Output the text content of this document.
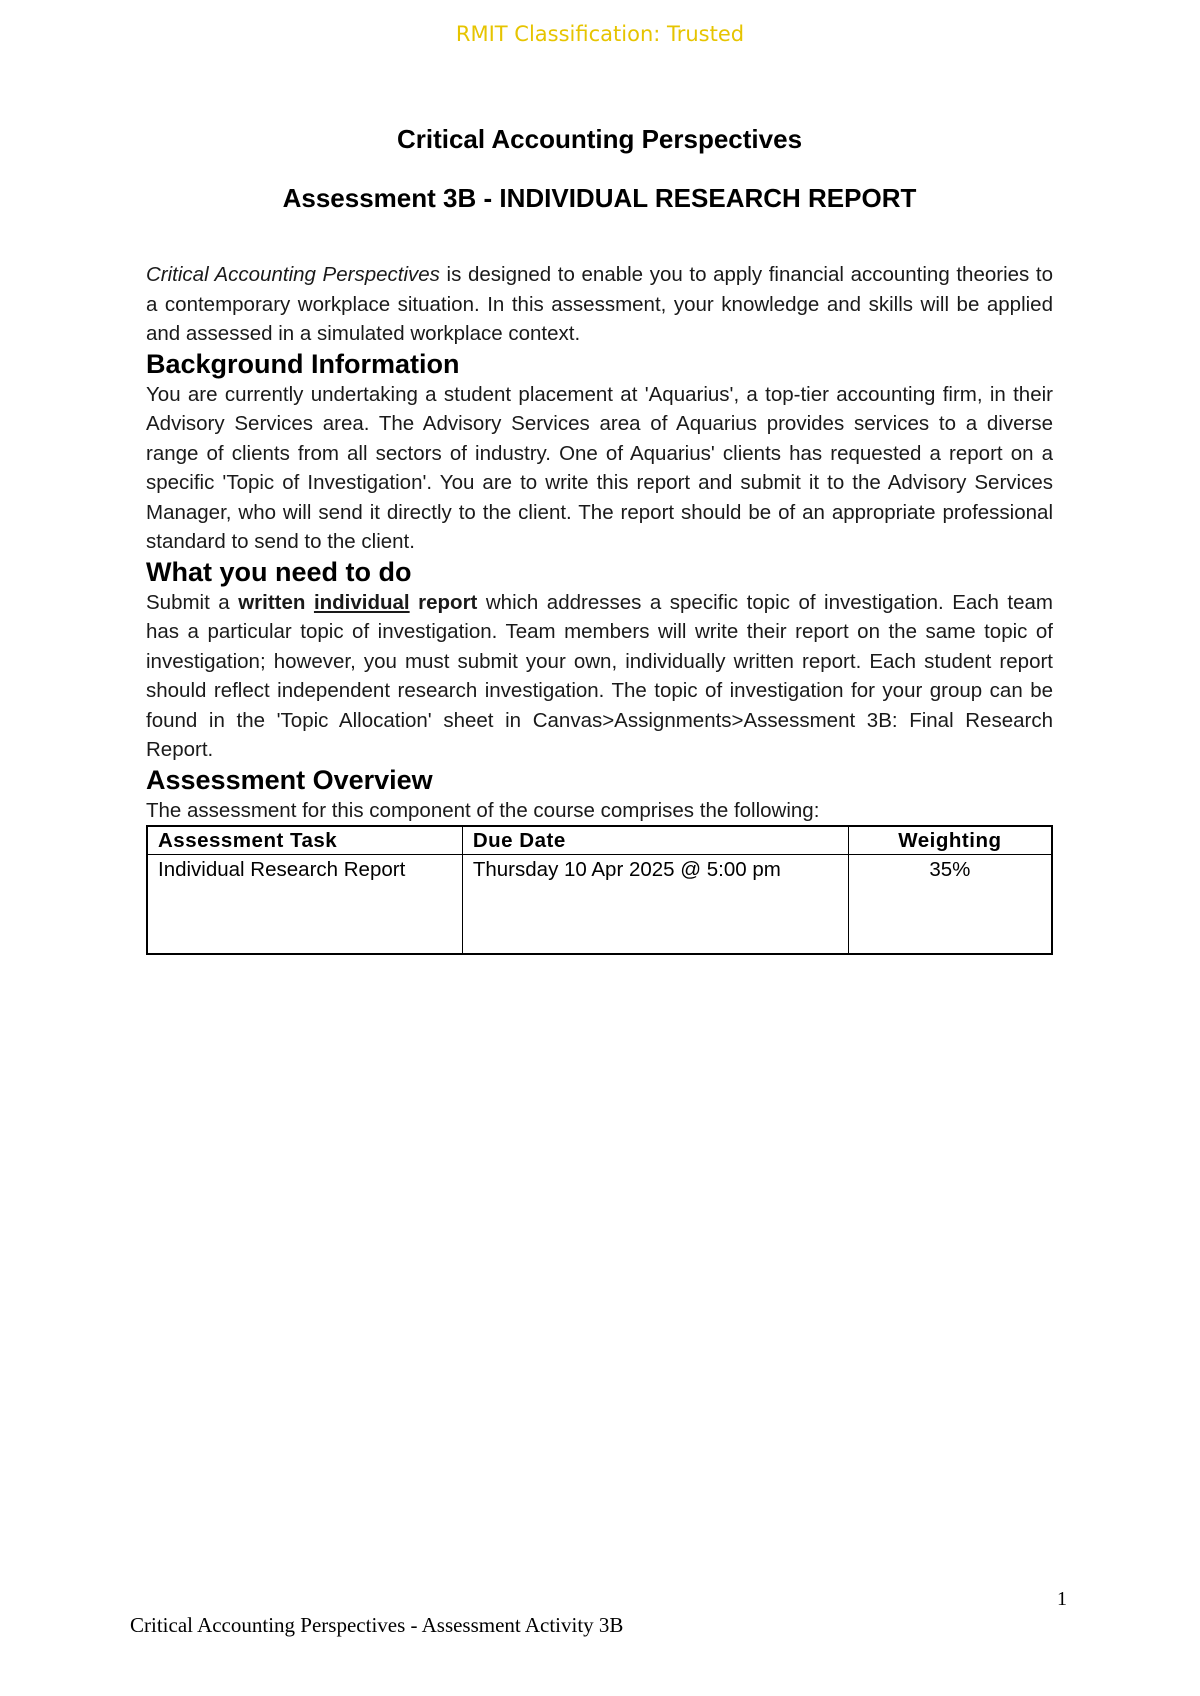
RMIT Classification: Trusted
Critical Accounting Perspectives
Assessment 3B - INDIVIDUAL RESEARCH REPORT

Critical Accounting Perspectives is designed to enable you to apply financial accounting theories to a contemporary workplace situation. In this assessment, your knowledge and skills will be applied and assessed in a simulated workplace context.

Background Information

You are currently undertaking a student placement at 'Aquarius', a top-tier accounting firm, in their Advisory Services area. The Advisory Services area of Aquarius provides services to a diverse range of clients from all sectors of industry. One of Aquarius' clients has requested a report on a specific 'Topic of Investigation'. You are to write this report and submit it to the Advisory Services Manager, who will send it directly to the client. The report should be of an appropriate professional standard to send to the client.

What you need to do

Submit a written individual report which addresses a specific topic of investigation. Each team has a particular topic of investigation. Team members will write their report on the same topic of investigation; however, you must submit your own, individually written report. Each student report should reflect independent research investigation. The topic of investigation for your group can be found in the 'Topic Allocation' sheet in Canvas>Assignments>Assessment 3B: Final Research Report.

Assessment Overview

The assessment for this component of the course comprises the following:

Assessment Task	Due Date	Weighting
Individual Research Report	Thursday 10 Apr 2025 @ 5:00 pm	35%
1
Critical Accounting Perspectives - Assessment Activity 3B
